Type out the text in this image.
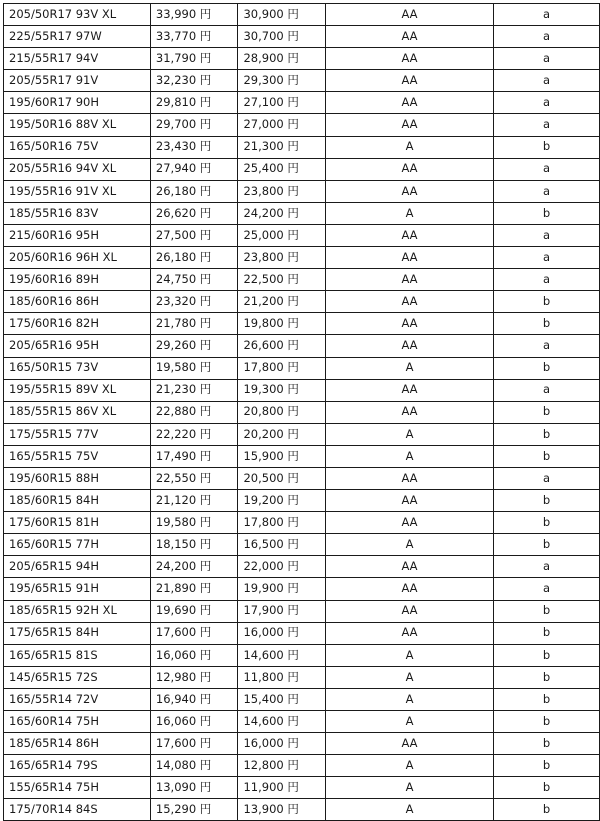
205/50R17 93V XL	33,990 円	30,900 円	AA	a
225/55R17 97W	33,770 円	30,700 円	AA	a
215/55R17 94V	31,790 円	28,900 円	AA	a
205/55R17 91V	32,230 円	29,300 円	AA	a
195/60R17 90H	29,810 円	27,100 円	AA	a
195/50R16 88V XL	29,700 円	27,000 円	AA	a
165/50R16 75V	23,430 円	21,300 円	A	b
205/55R16 94V XL	27,940 円	25,400 円	AA	a
195/55R16 91V XL	26,180 円	23,800 円	AA	a
185/55R16 83V	26,620 円	24,200 円	A	b
215/60R16 95H	27,500 円	25,000 円	AA	a
205/60R16 96H XL	26,180 円	23,800 円	AA	a
195/60R16 89H	24,750 円	22,500 円	AA	a
185/60R16 86H	23,320 円	21,200 円	AA	b
175/60R16 82H	21,780 円	19,800 円	AA	b
205/65R16 95H	29,260 円	26,600 円	AA	a
165/50R15 73V	19,580 円	17,800 円	A	b
195/55R15 89V XL	21,230 円	19,300 円	AA	a
185/55R15 86V XL	22,880 円	20,800 円	AA	b
175/55R15 77V	22,220 円	20,200 円	A	b
165/55R15 75V	17,490 円	15,900 円	A	b
195/60R15 88H	22,550 円	20,500 円	AA	a
185/60R15 84H	21,120 円	19,200 円	AA	b
175/60R15 81H	19,580 円	17,800 円	AA	b
165/60R15 77H	18,150 円	16,500 円	A	b
205/65R15 94H	24,200 円	22,000 円	AA	a
195/65R15 91H	21,890 円	19,900 円	AA	a
185/65R15 92H XL	19,690 円	17,900 円	AA	b
175/65R15 84H	17,600 円	16,000 円	AA	b
165/65R15 81S	16,060 円	14,600 円	A	b
145/65R15 72S	12,980 円	11,800 円	A	b
165/55R14 72V	16,940 円	15,400 円	A	b
165/60R14 75H	16,060 円	14,600 円	A	b
185/65R14 86H	17,600 円	16,000 円	AA	b
165/65R14 79S	14,080 円	12,800 円	A	b
155/65R14 75H	13,090 円	11,900 円	A	b
175/70R14 84S	15,290 円	13,900 円	A	b
